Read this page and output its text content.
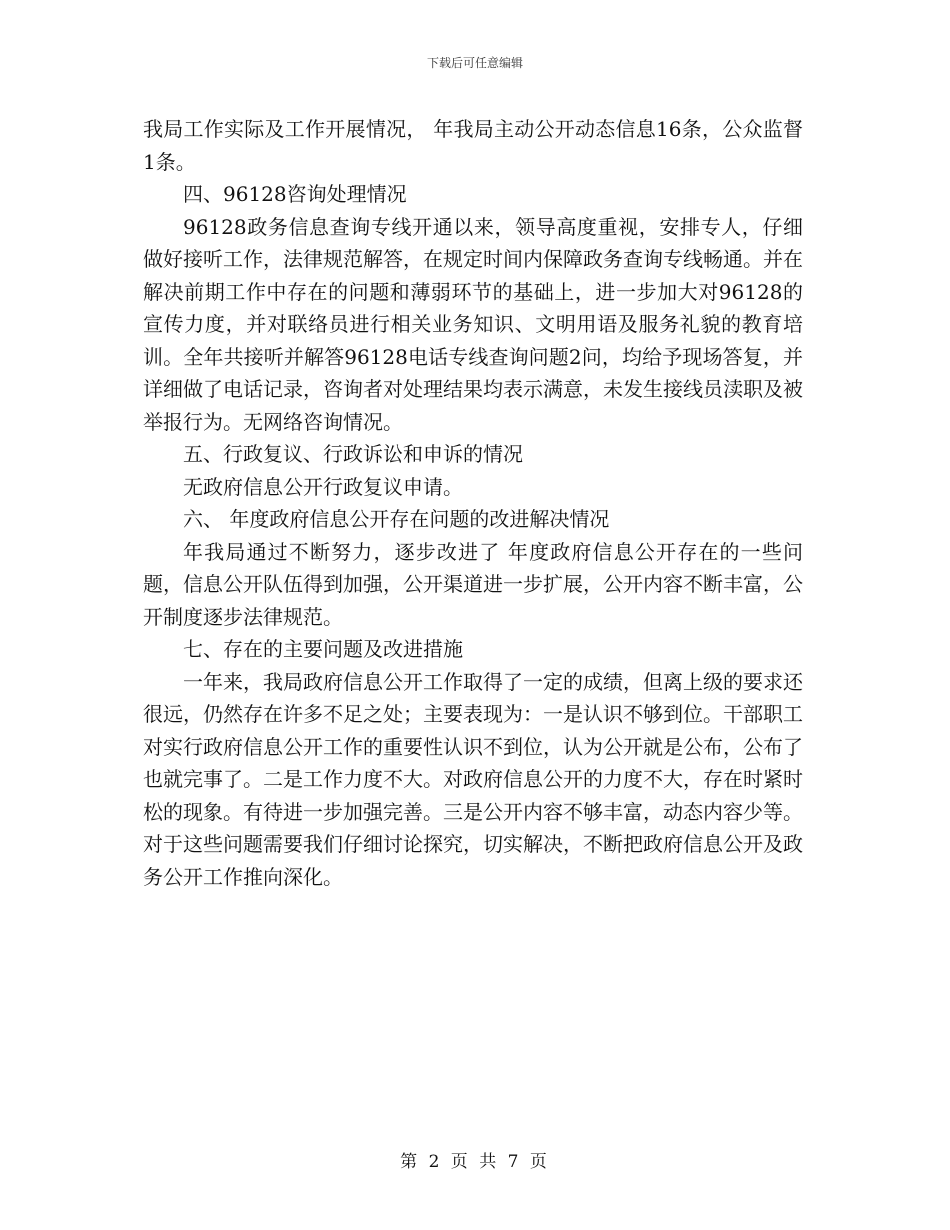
下载后可任意编辑

我局工作实际及工作开展情况， 年我局主动公开动态信息16条，公众监督1条。

四、96128咨询处理情况

96128政务信息查询专线开通以来，领导高度重视，安排专人，仔细做好接听工作，法律规范解答，在规定时间内保障政务查询专线畅通。并在解决前期工作中存在的问题和薄弱环节的基础上，进一步加大对96128的宣传力度，并对联络员进行相关业务知识、文明用语及服务礼貌的教育培训。全年共接听并解答96128电话专线查询问题2问，均给予现场答复，并详细做了电话记录，咨询者对处理结果均表示满意，未发生接线员渎职及被举报行为。无网络咨询情况。

五、行政复议、行政诉讼和申诉的情况

无政府信息公开行政复议申请。

六、 年度政府信息公开存在问题的改进解决情况

年我局通过不断努力，逐步改进了 年度政府信息公开存在的一些问题，信息公开队伍得到加强，公开渠道进一步扩展，公开内容不断丰富，公开制度逐步法律规范。

七、存在的主要问题及改进措施

一年来，我局政府信息公开工作取得了一定的成绩，但离上级的要求还很远，仍然存在许多不足之处；主要表现为：一是认识不够到位。干部职工对实行政府信息公开工作的重要性认识不到位，认为公开就是公布，公布了也就完事了。二是工作力度不大。对政府信息公开的力度不大，存在时紧时松的现象。有待进一步加强完善。三是公开内容不够丰富，动态内容少等。对于这些问题需要我们仔细讨论探究，切实解决，不断把政府信息公开及政务公开工作推向深化。

第 2 页 共 7 页
